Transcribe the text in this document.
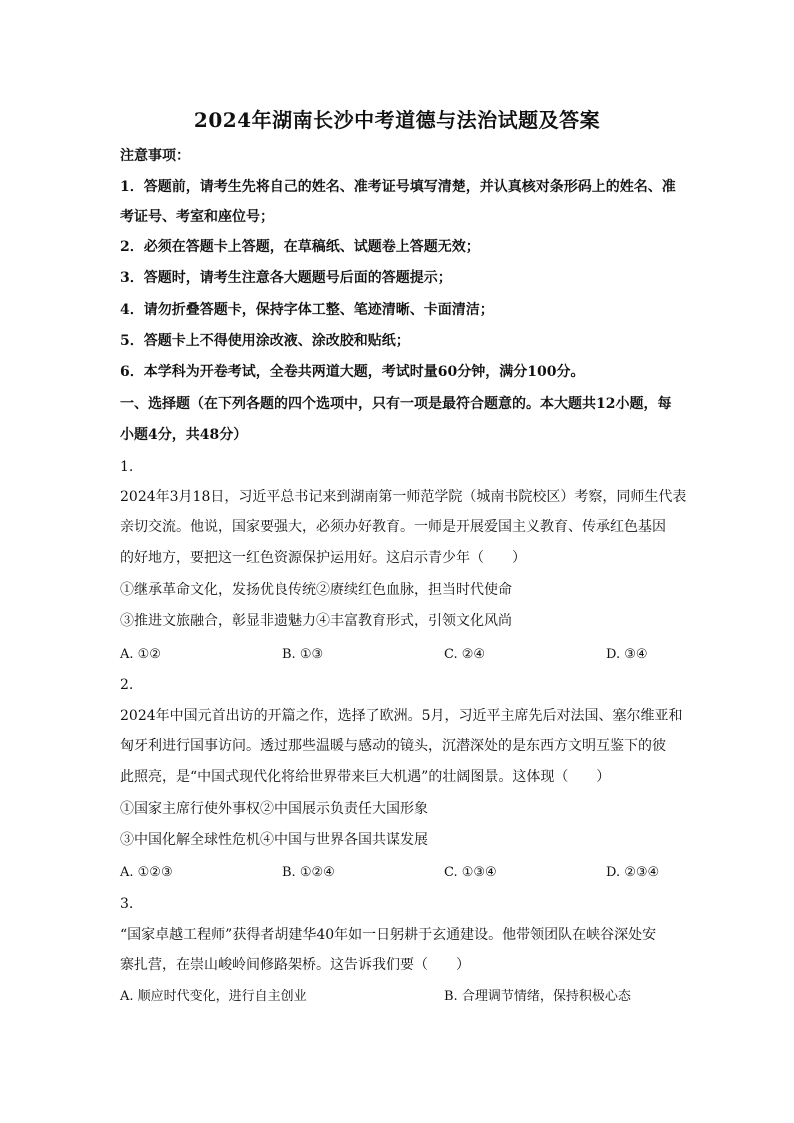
2024年湖南长沙中考道德与法治试题及答案
注意事项：
1．答题前，请考生先将自己的姓名、准考证号填写清楚，并认真核对条形码上的姓名、准
考证号、考室和座位号；
2．必须在答题卡上答题，在草稿纸、试题卷上答题无效；
3．答题时，请考生注意各大题题号后面的答题提示；
4．请勿折叠答题卡，保持字体工整、笔迹清晰、卡面清洁；
5．答题卡上不得使用涂改液、涂改胶和贴纸；
6．本学科为开卷考试，全卷共两道大题，考试时量60分钟，满分100分。
一、选择题（在下列各题的四个选项中，只有一项是最符合题意的。本大题共12小题，每
小题4分，共48分）
1.
2024年3月18日，习近平总书记来到湖南第一师范学院（城南书院校区）考察，同师生代表
亲切交流。他说，国家要强大，必须办好教育。一师是开展爱国主义教育、传承红色基因
的好地方，要把这一红色资源保护运用好。这启示青少年（　　）
①继承革命文化，发扬优良传统②赓续红色血脉，担当时代使命
③推进文旅融合，彰显非遗魅力④丰富教育形式，引领文化风尚
A. ①②	B. ①③	C. ②④	D. ③④
2.
2024年中国元首出访的开篇之作，选择了欧洲。5月，习近平主席先后对法国、塞尔维亚和
匈牙利进行国事访问。透过那些温暖与感动的镜头，沉潜深处的是东西方文明互鉴下的彼
此照亮，是“中国式现代化将给世界带来巨大机遇”的壮阔图景。这体现（　　）
①国家主席行使外事权②中国展示负责任大国形象
③中国化解全球性危机④中国与世界各国共谋发展
A. ①②③	B. ①②④	C. ①③④	D. ②③④
3.
“国家卓越工程师”获得者胡建华40年如一日躬耕于玄通建设。他带领团队在峡谷深处安
寨扎营，在崇山峻岭间修路架桥。这告诉我们要（　　）
A. 顺应时代变化，进行自主创业	B. 合理调节情绪，保持积极心态
